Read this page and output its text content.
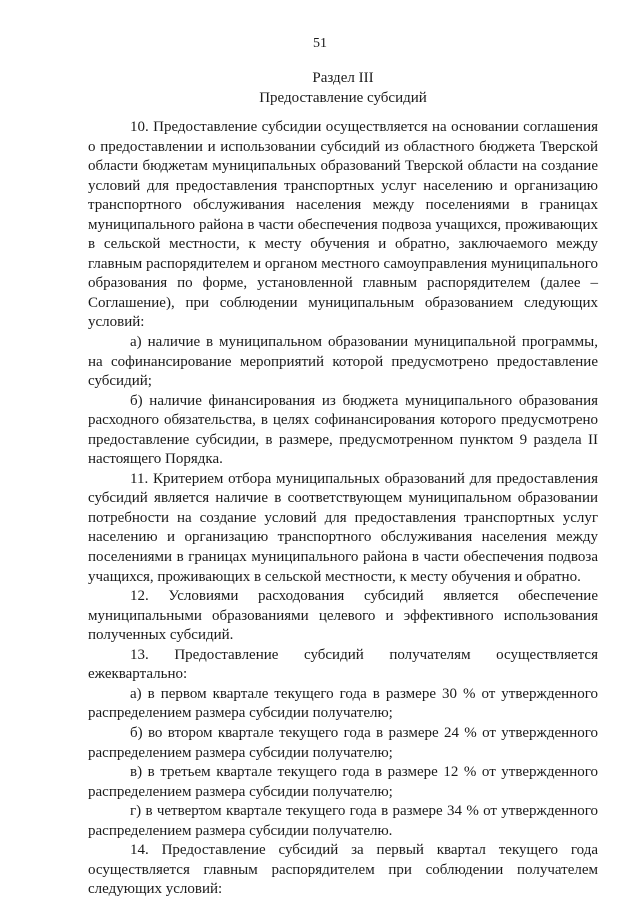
51
Раздел III
Предоставление субсидий

10. Предоставление субсидии осуществляется на основании соглашения о предоставлении и использовании субсидий из областного бюджета Тверской области бюджетам муниципальных образований Тверской области на создание условий для предоставления транспортных услуг населению и организацию транспортного обслуживания населения между поселениями в границах муниципального района в части обеспечения подвоза учащихся, проживающих в сельской местности, к месту обучения и обратно, заключаемого между главным распорядителем и органом местного самоуправления муниципального образования по форме, установленной главным распорядителем (далее – Соглашение), при соблюдении муниципальным образованием следующих условий:

а) наличие в муниципальном образовании муниципальной программы, на софинансирование мероприятий которой предусмотрено предоставление субсидий;

б) наличие финансирования из бюджета муниципального образования расходного обязательства, в целях софинансирования которого предусмотрено предоставление субсидии, в размере, предусмотренном пунктом 9 раздела II настоящего Порядка.

11. Критерием отбора муниципальных образований для предоставления субсидий является наличие в соответствующем муниципальном образовании потребности на создание условий для предоставления транспортных услуг населению и организацию транспортного обслуживания населения между поселениями в границах муниципального района в части обеспечения подвоза учащихся, проживающих в сельской местности, к месту обучения и обратно.

12. Условиями расходования субсидий является обеспечение муниципальными образованиями целевого и эффективного использования полученных субсидий.

13. Предоставление субсидий получателям осуществляется ежеквартально:

а) в первом квартале текущего года в размере 30 % от утвержденного распределением размера субсидии получателю;

б) во втором квартале текущего года в размере 24 % от утвержденного распределением размера субсидии получателю;

в) в третьем квартале текущего года в размере 12 % от утвержденного распределением размера субсидии получателю;

г) в четвертом квартале текущего года в размере 34 % от утвержденного распределением размера субсидии получателю.

14. Предоставление субсидий за первый квартал текущего года осуществляется главным распорядителем при соблюдении получателем следующих условий:
